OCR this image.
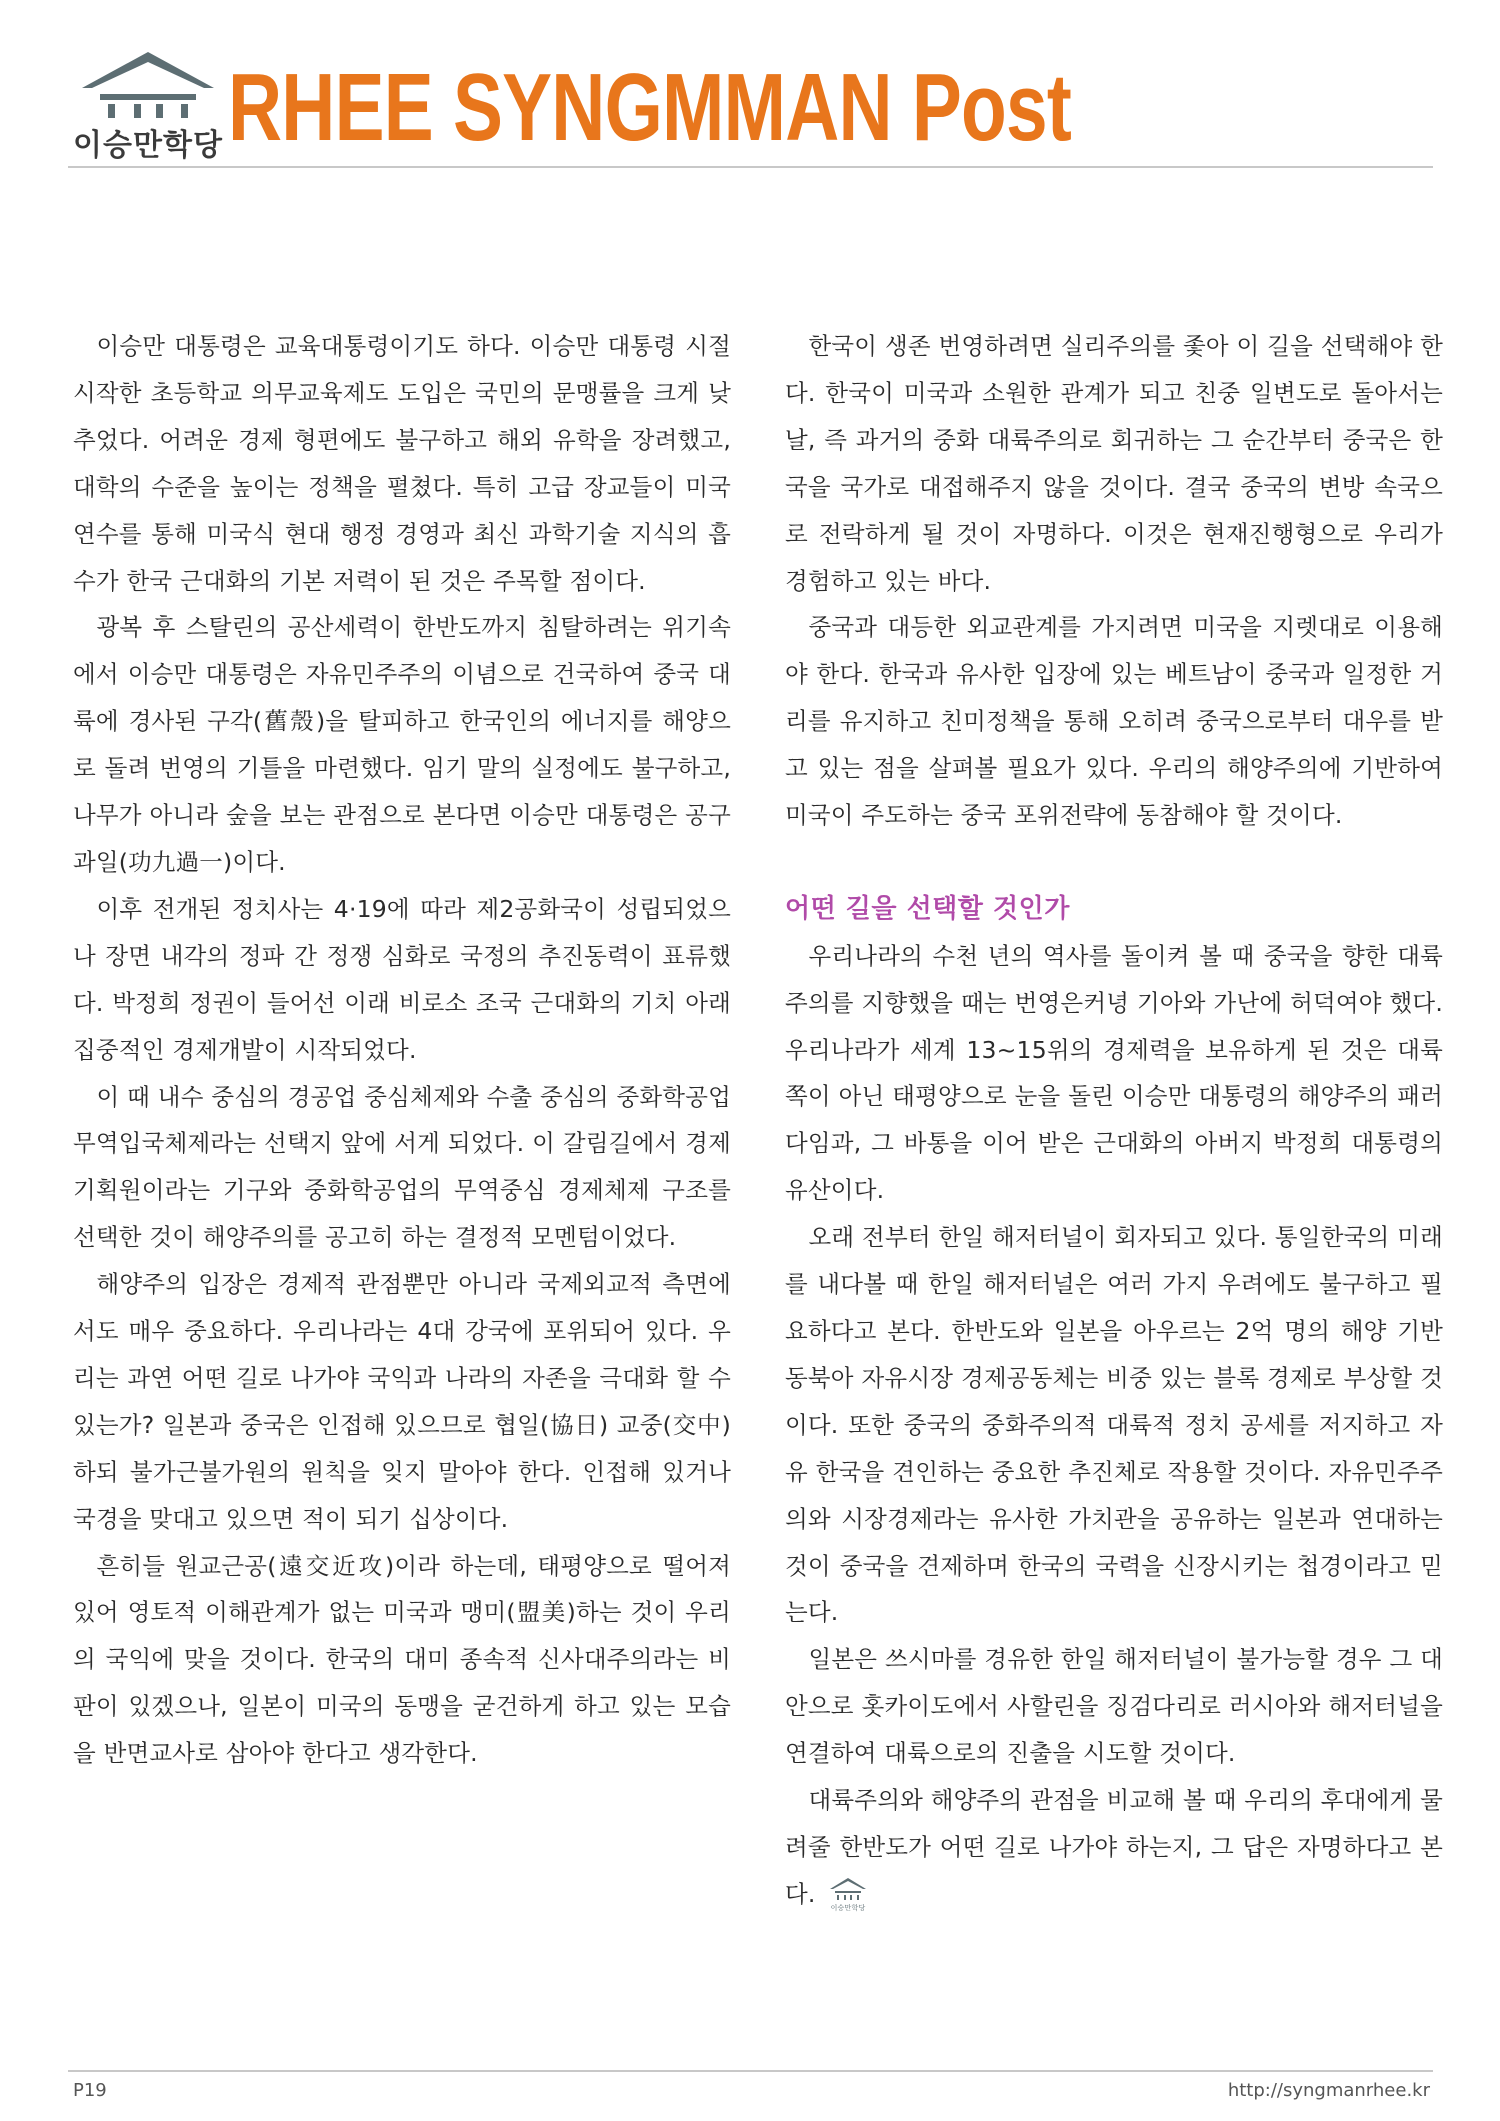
이승만학당 RHEE SYNGMMAN Post

이승만 대통령은 교육대통령이기도 하다. 이승만 대통령 시절 시작한 초등학교 의무교육제도 도입은 국민의 문맹률을 크게 낮추었다. 어려운 경제 형편에도 불구하고 해외 유학을 장려했고, 대학의 수준을 높이는 정책을 펼쳤다. 특히 고급 장교들이 미국 연수를 통해 미국식 현대 행정 경영과 최신 과학기술 지식의 흡수가 한국 근대화의 기본 저력이 된 것은 주목할 점이다.

광복 후 스탈린의 공산세력이 한반도까지 침탈하려는 위기속에서 이승만 대통령은 자유민주주의 이념으로 건국하여 중국 대륙에 경사된 구각(舊殼)을 탈피하고 한국인의 에너지를 해양으로 돌려 번영의 기틀을 마련했다. 임기 말의 실정에도 불구하고, 나무가 아니라 숲을 보는 관점으로 본다면 이승만 대통령은 공구과일(功九過一)이다.

이후 전개된 정치사는 4·19에 따라 제2공화국이 성립되었으나 장면 내각의 정파 간 정쟁 심화로 국정의 추진동력이 표류했다. 박정희 정권이 들어선 이래 비로소 조국 근대화의 기치 아래 집중적인 경제개발이 시작되었다.

이 때 내수 중심의 경공업 중심체제와 수출 중심의 중화학공업 무역입국체제라는 선택지 앞에 서게 되었다. 이 갈림길에서 경제기획원이라는 기구와 중화학공업의 무역중심 경제체제 구조를 선택한 것이 해양주의를 공고히 하는 결정적 모멘텀이었다.

해양주의 입장은 경제적 관점뿐만 아니라 국제외교적 측면에서도 매우 중요하다. 우리나라는 4대 강국에 포위되어 있다. 우리는 과연 어떤 길로 나가야 국익과 나라의 자존을 극대화 할 수 있는가? 일본과 중국은 인접해 있으므로 협일(協日) 교중(交中)하되 불가근불가원의 원칙을 잊지 말아야 한다. 인접해 있거나 국경을 맞대고 있으면 적이 되기 십상이다.

흔히들 원교근공(遠交近攻)이라 하는데, 태평양으로 떨어져 있어 영토적 이해관계가 없는 미국과 맹미(盟美)하는 것이 우리의 국익에 맞을 것이다. 한국의 대미 종속적 신사대주의라는 비판이 있겠으나, 일본이 미국의 동맹을 굳건하게 하고 있는 모습을 반면교사로 삼아야 한다고 생각한다.

한국이 생존 번영하려면 실리주의를 좇아 이 길을 선택해야 한다. 한국이 미국과 소원한 관계가 되고 친중 일변도로 돌아서는 날, 즉 과거의 중화 대륙주의로 회귀하는 그 순간부터 중국은 한국을 국가로 대접해주지 않을 것이다. 결국 중국의 변방 속국으로 전락하게 될 것이 자명하다. 이것은 현재진행형으로 우리가 경험하고 있는 바다.

중국과 대등한 외교관계를 가지려면 미국을 지렛대로 이용해야 한다. 한국과 유사한 입장에 있는 베트남이 중국과 일정한 거리를 유지하고 친미정책을 통해 오히려 중국으로부터 대우를 받고 있는 점을 살펴볼 필요가 있다. 우리의 해양주의에 기반하여 미국이 주도하는 중국 포위전략에 동참해야 할 것이다.

어떤 길을 선택할 것인가

우리나라의 수천 년의 역사를 돌이켜 볼 때 중국을 향한 대륙주의를 지향했을 때는 번영은커녕 기아와 가난에 허덕여야 했다. 우리나라가 세계 13~15위의 경제력을 보유하게 된 것은 대륙 쪽이 아닌 태평양으로 눈을 돌린 이승만 대통령의 해양주의 패러다임과, 그 바통을 이어 받은 근대화의 아버지 박정희 대통령의 유산이다.

오래 전부터 한일 해저터널이 회자되고 있다. 통일한국의 미래를 내다볼 때 한일 해저터널은 여러 가지 우려에도 불구하고 필요하다고 본다. 한반도와 일본을 아우르는 2억 명의 해양 기반 동북아 자유시장 경제공동체는 비중 있는 블록 경제로 부상할 것이다. 또한 중국의 중화주의적 대륙적 정치 공세를 저지하고 자유 한국을 견인하는 중요한 추진체로 작용할 것이다. 자유민주주의와 시장경제라는 유사한 가치관을 공유하는 일본과 연대하는 것이 중국을 견제하며 한국의 국력을 신장시키는 첩경이라고 믿는다.

일본은 쓰시마를 경유한 한일 해저터널이 불가능할 경우 그 대안으로 홋카이도에서 사할린을 징검다리로 러시아와 해저터널을 연결하여 대륙으로의 진출을 시도할 것이다.

대륙주의와 해양주의 관점을 비교해 볼 때 우리의 후대에게 물려줄 한반도가 어떤 길로 나가야 하는지, 그 답은 자명하다고 본다.
이승만학당

P19	http://syngmanrhee.kr
